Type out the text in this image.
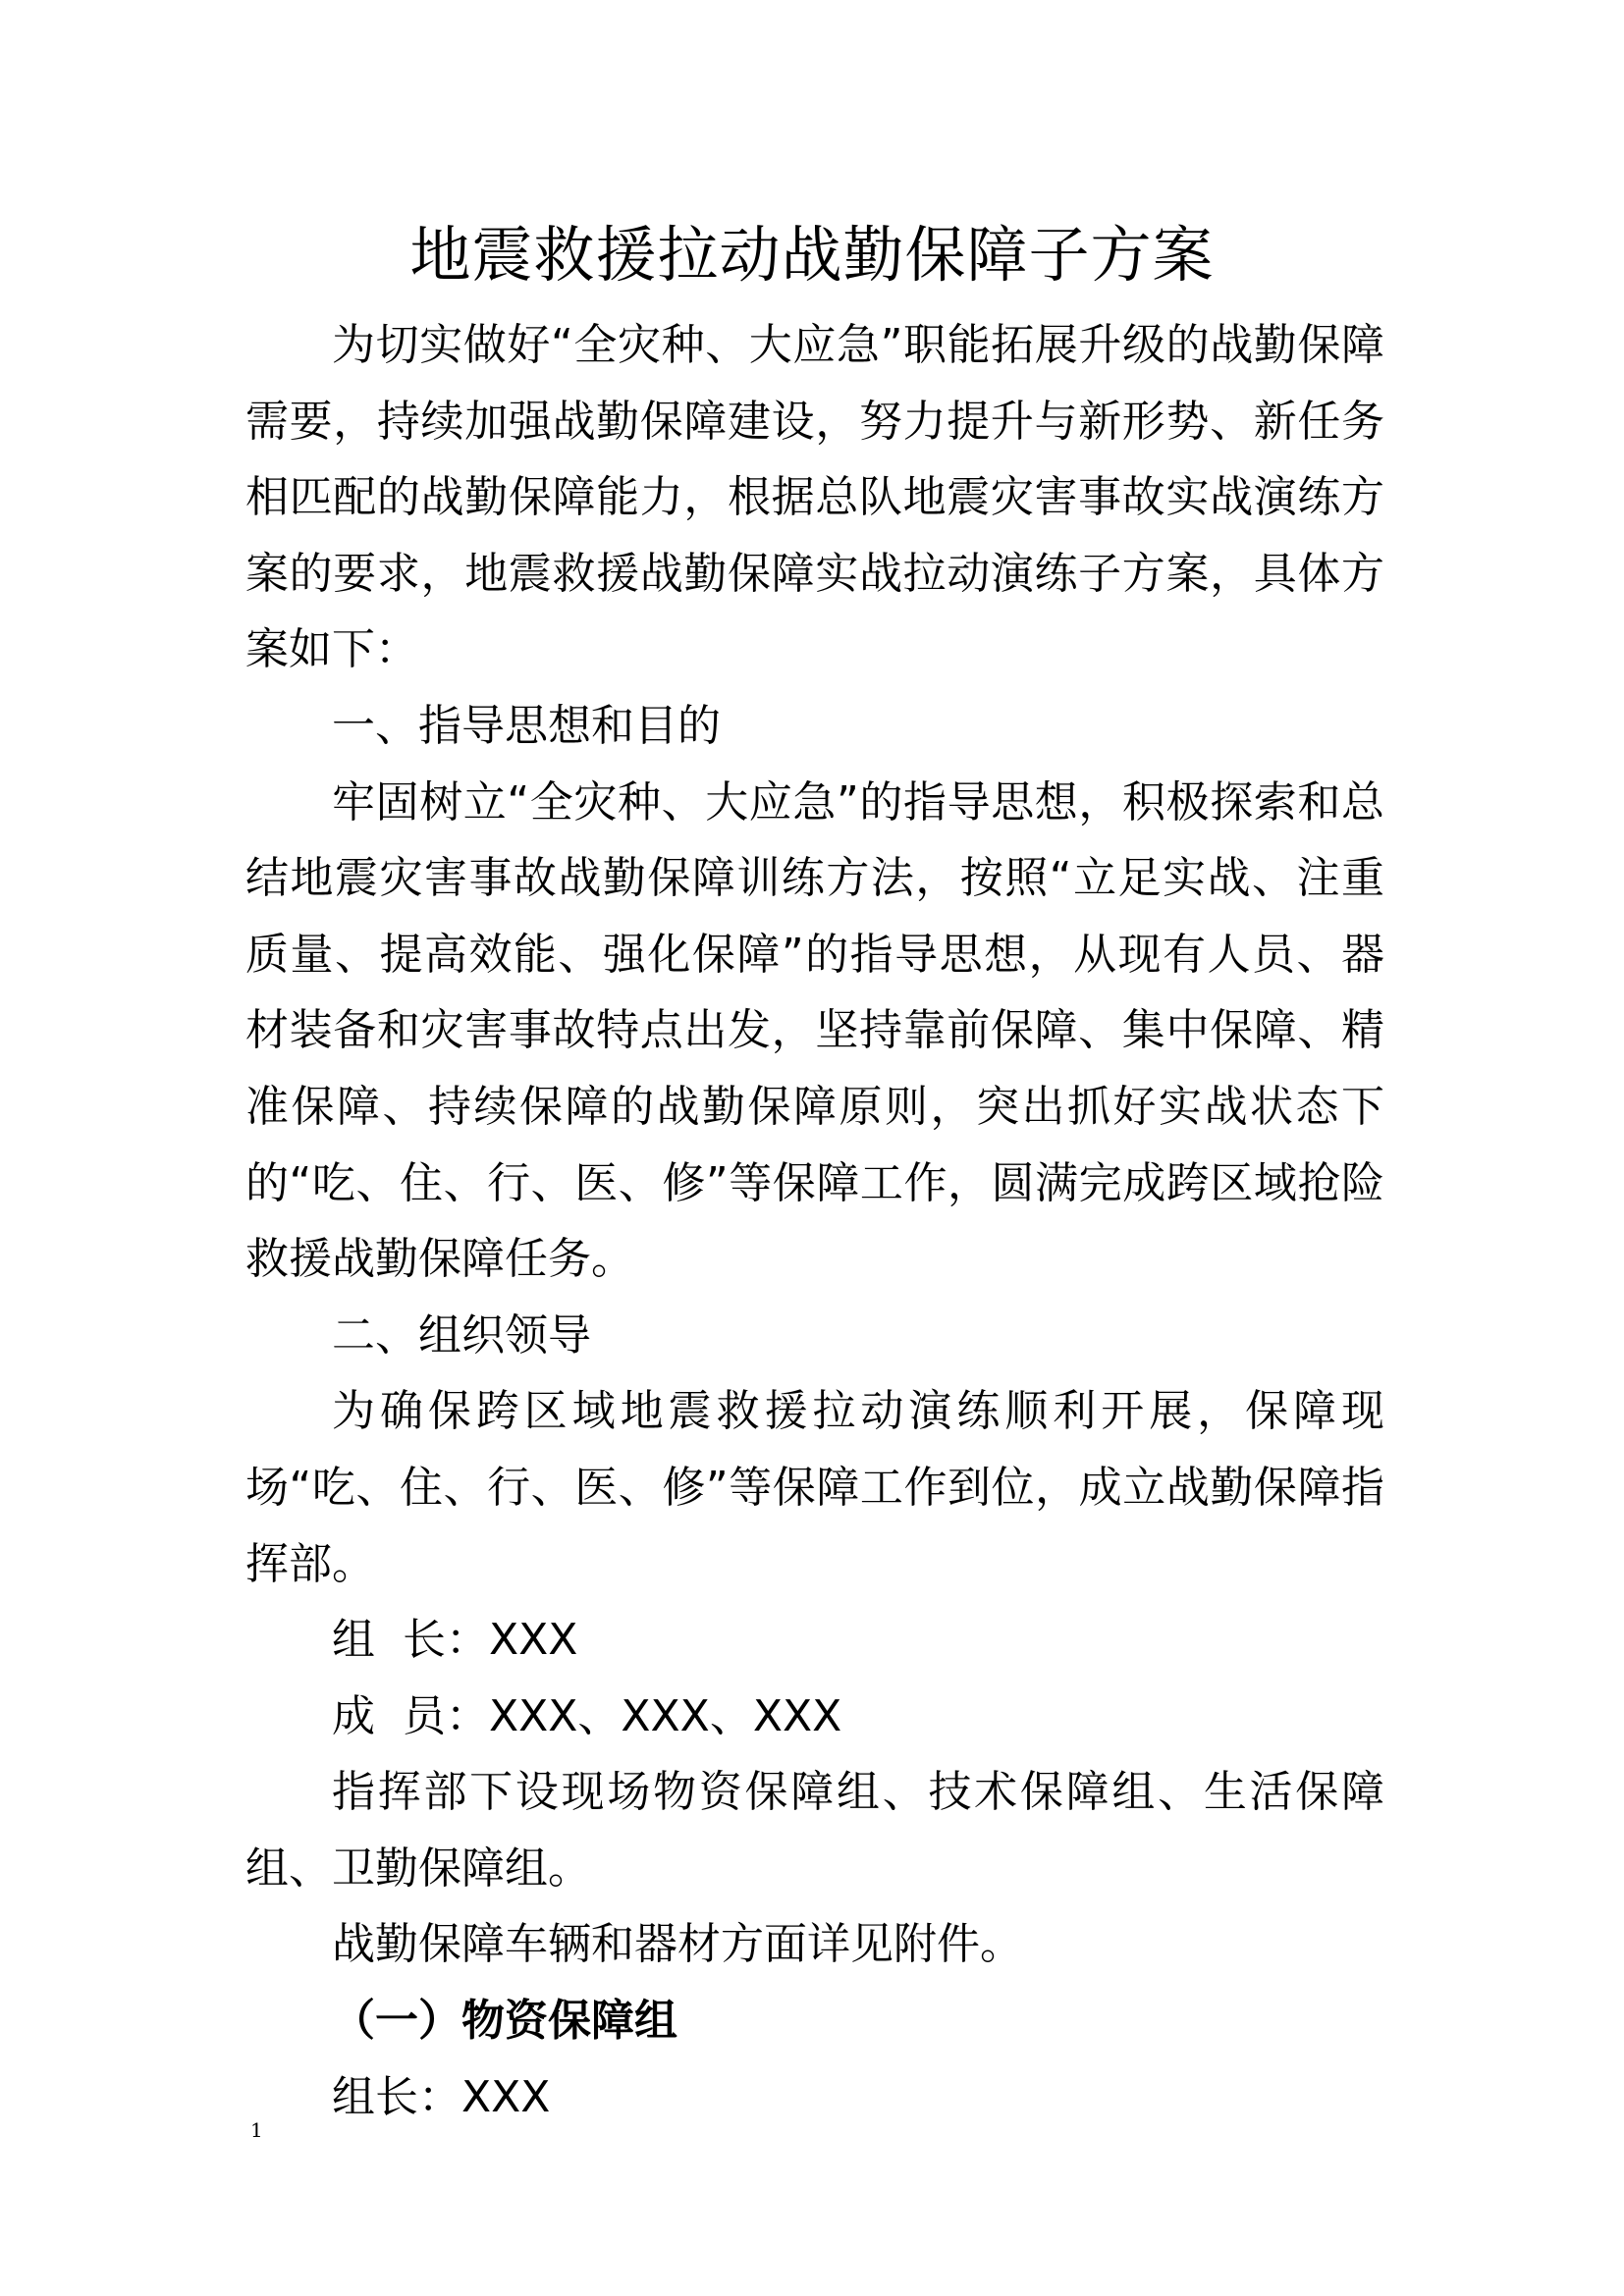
地震救援拉动战勤保障子方案

为切实做好“全灾种、大应急”职能拓展升级的战勤保障需要，持续加强战勤保障建设，努力提升与新形势、新任务相匹配的战勤保障能力，根据总队地震灾害事故实战演练方案的要求，地震救援战勤保障实战拉动演练子方案，具体方案如下：

一、指导思想和目的

牢固树立“全灾种、大应急”的指导思想，积极探索和总结地震灾害事故战勤保障训练方法，按照“立足实战、注重质量、提高效能、强化保障”的指导思想，从现有人员、器材装备和灾害事故特点出发，坚持靠前保障、集中保障、精准保障、持续保障的战勤保障原则，突出抓好实战状态下的“吃、住、行、医、修”等保障工作，圆满完成跨区域抢险救援战勤保障任务。

二、组织领导

为确保跨区域地震救援拉动演练顺利开展，保障现场“吃、住、行、医、修”等保障工作到位，成立战勤保障指挥部。

组  长：XXX

成  员：XXX、XXX、XXX

指挥部下设现场物资保障组、技术保障组、生活保障组、卫勤保障组。

战勤保障车辆和器材方面详见附件。

（一）物资保障组

组长：XXX

1
